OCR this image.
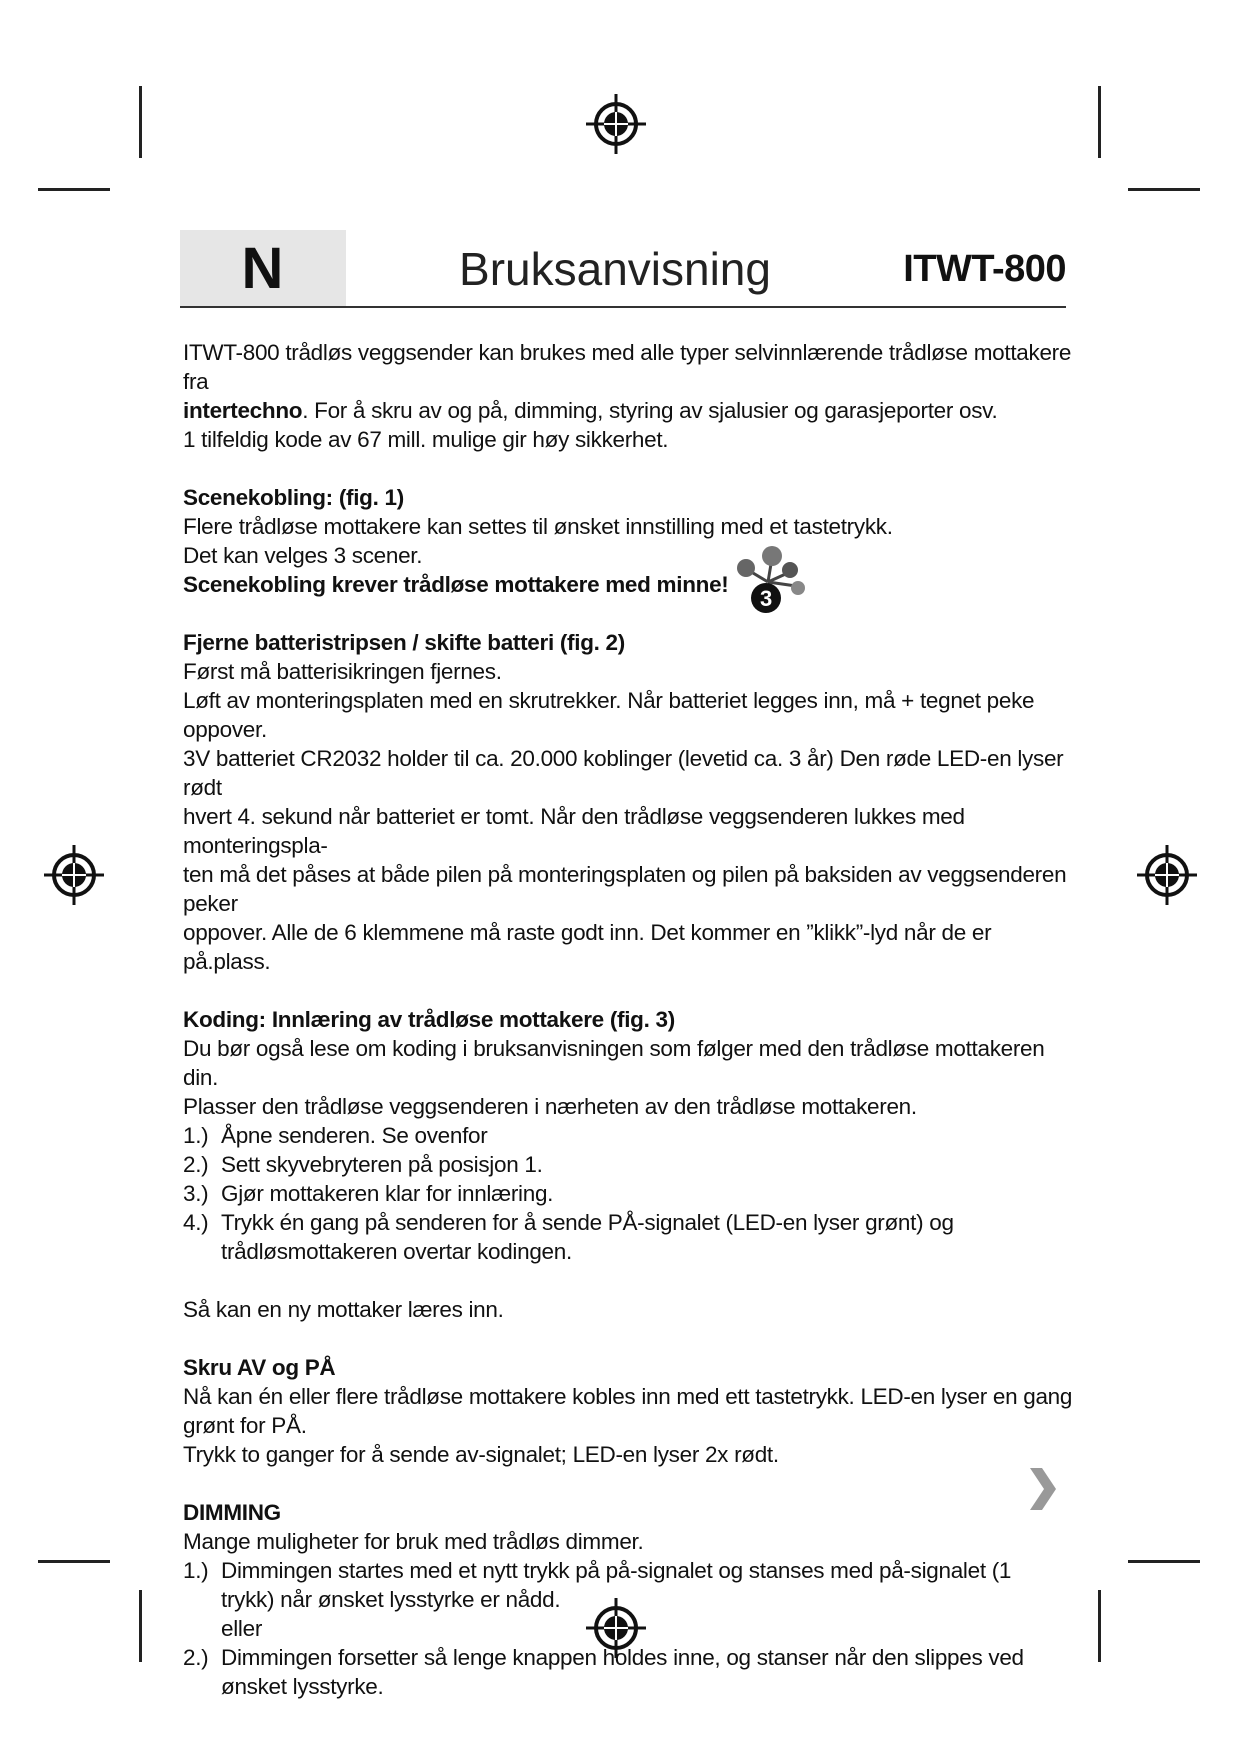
N	Bruksanvisning	ITWT-800

ITWT-800 trådløs veggsender kan brukes med alle typer selvinnlærende trådløse mottakere fra

intertechno. For å skru av og på, dimming, styring av sjalusier og garasjeporter osv.

1 tilfeldig kode av 67 mill. mulige gir høy sikkerhet.

Scenekobling: (fig. 1)

Flere trådløse mottakere kan settes til ønsket innstilling med et tastetrykk.

Det kan velges 3 scener.

Scenekobling krever trådløse mottakere med minne!

3

Fjerne batteristripsen / skifte batteri (fig. 2)

Først må batterisikringen fjernes.

Løft av monteringsplaten med en skrutrekker. Når batteriet legges inn, må + tegnet peke oppover.

3V batteriet CR2032 holder til ca. 20.000 koblinger (levetid ca. 3 år) Den røde LED-en lyser rødt

hvert 4. sekund når batteriet er tomt. Når den trådløse veggsenderen lukkes med monteringspla-

ten må det påses at både pilen på monteringsplaten og pilen på baksiden av veggsenderen peker

oppover. Alle de 6 klemmene må raste godt inn. Det kommer en ”klikk”-lyd når de er på.plass.

Koding: Innlæring av trådløse mottakere (fig. 3)

Du bør også lese om koding i bruksanvisningen som følger med den trådløse mottakeren din.

Plasser den trådløse veggsenderen i nærheten av den trådløse mottakeren.

1.) Åpne senderen. Se ovenfor
2.) Sett skyvebryteren på posisjon 1.
3.) Gjør mottakeren klar for innlæring.
4.) Trykk én gang på senderen for å sende PÅ-signalet (LED-en lyser grønt) og trådløsmottakeren overtar kodingen.

Så kan en ny mottaker læres inn.

Skru AV og PÅ

Nå kan én eller flere trådløse mottakere kobles inn med ett tastetrykk. LED-en lyser en gang

grønt for PÅ.

Trykk to ganger for å sende av-signalet; LED-en lyser 2x rødt.

DIMMING

Mange muligheter for bruk med trådløs dimmer.

1.) Dimmingen startes med et nytt trykk på på-signalet og stanses med på-signalet (1 trykk) når ønsket lysstyrke er nådd.

eller

2.) Dimmingen forsetter så lenge knappen holdes inne, og stanser når den slippes ved ønsket lysstyrke.
